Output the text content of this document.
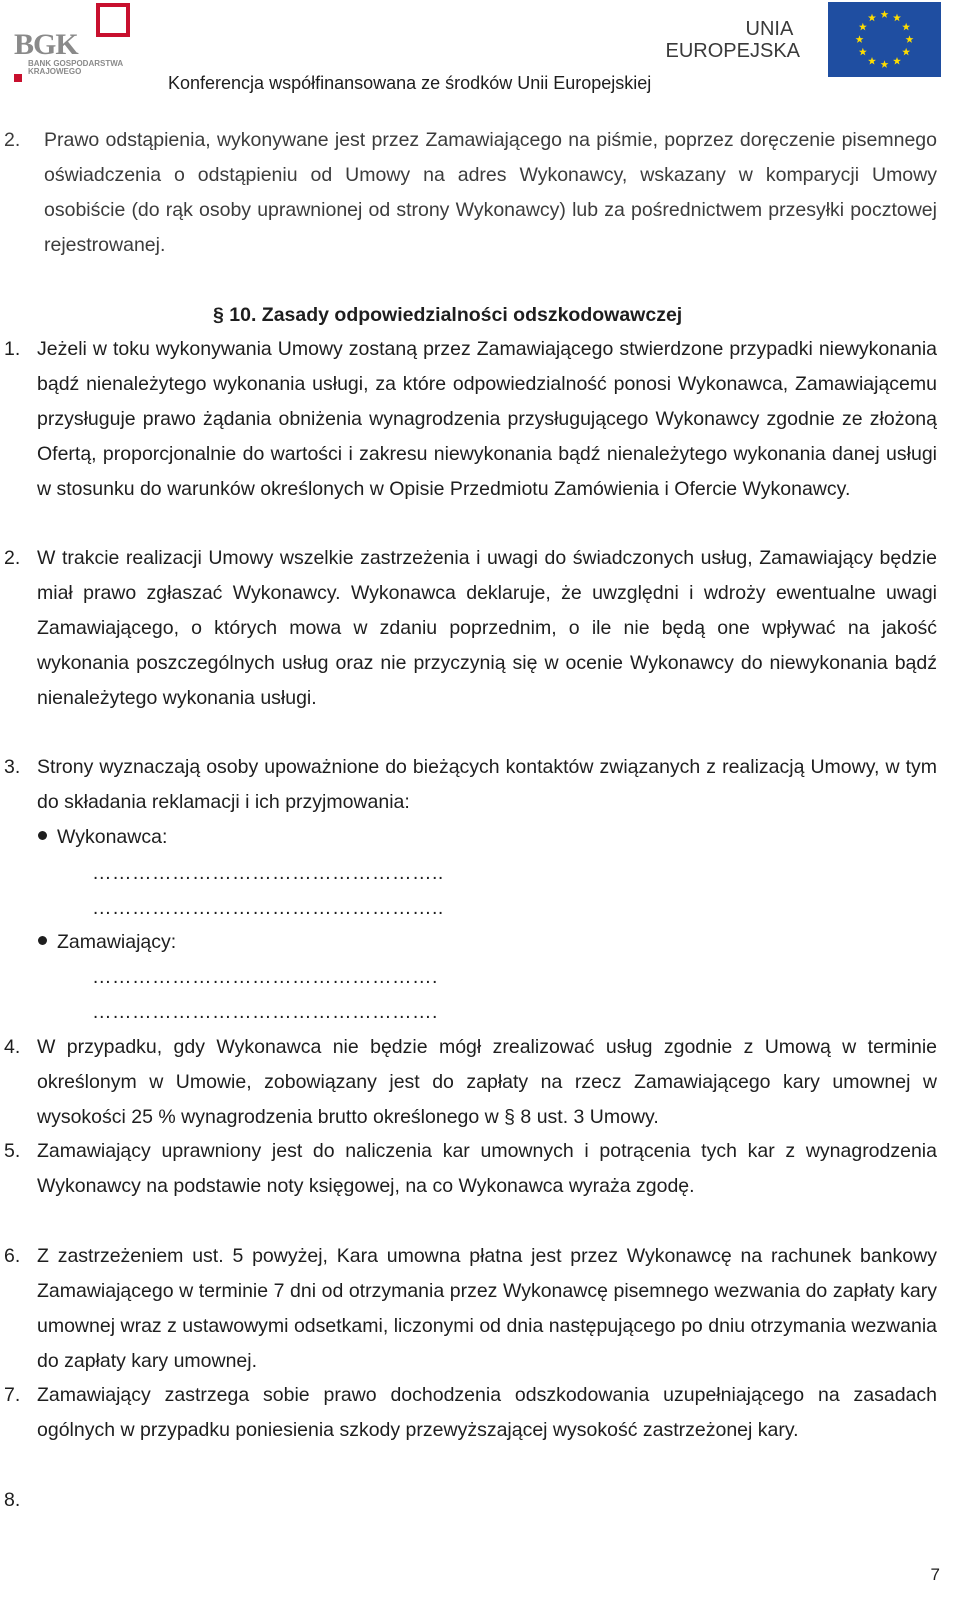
BGK
BANK GOSPODARSTWA KRAJOWEGO
UNIA
EUROPEJSKA
Konferencja współfinansowana ze środków Unii Europejskiej
2. Prawo odstąpienia, wykonywane jest przez Zamawiającego na piśmie, poprzez doręczenie pisemnego oświadczenia o odstąpieniu od Umowy na adres Wykonawcy, wskazany w komparycji Umowy osobiście (do rąk osoby uprawnionej od strony Wykonawcy) lub za pośrednictwem przesyłki pocztowej rejestrowanej.
§ 10. Zasady odpowiedzialności odszkodowawczej
1. Jeżeli w toku wykonywania Umowy zostaną przez Zamawiającego stwierdzone przypadki niewykonania bądź nienależytego wykonania usługi, za które odpowiedzialność ponosi Wykonawca, Zamawiającemu przysługuje prawo żądania obniżenia wynagrodzenia przysługującego Wykonawcy zgodnie ze złożoną Ofertą, proporcjonalnie do wartości i zakresu niewykonania bądź nienależytego wykonania danej usługi w stosunku do warunków określonych w Opisie Przedmiotu Zamówienia i Ofercie Wykonawcy.
2. W trakcie realizacji Umowy wszelkie zastrzeżenia i uwagi do świadczonych usług, Zamawiający będzie miał prawo zgłaszać Wykonawcy. Wykonawca deklaruje, że uwzględni i wdroży ewentualne uwagi Zamawiającego, o których mowa w zdaniu poprzednim, o ile nie będą one wpływać na jakość wykonania poszczególnych usług oraz nie przyczynią się w ocenie Wykonawcy do niewykonania bądź nienależytego wykonania usługi.
3. Strony wyznaczają osoby upoważnione do bieżących kontaktów związanych z realizacją Umowy, w tym do składania reklamacji i ich przyjmowania:
Wykonawca:
……………………………………………..
……………………………………………..
Zamawiający:
…………………………………………….
…………………………………………….
4. W przypadku, gdy Wykonawca nie będzie mógł zrealizować usług zgodnie z Umową w terminie określonym w Umowie, zobowiązany jest do zapłaty na rzecz Zamawiającego kary umownej w wysokości 25 % wynagrodzenia brutto określonego w § 8 ust. 3 Umowy.
5. Zamawiający uprawniony jest do naliczenia kar umownych i potrącenia tych kar z wynagrodzenia Wykonawcy na podstawie noty księgowej, na co Wykonawca wyraża zgodę.
6. Z zastrzeżeniem ust. 5 powyżej, Kara umowna płatna jest przez Wykonawcę na rachunek bankowy Zamawiającego w terminie 7 dni od otrzymania przez Wykonawcę pisemnego wezwania do zapłaty kary umownej wraz z ustawowymi odsetkami, liczonymi od dnia następującego po dniu otrzymania wezwania do zapłaty kary umownej.
7. Zamawiający zastrzega sobie prawo dochodzenia odszkodowania uzupełniającego na zasadach ogólnych w przypadku poniesienia szkody przewyższającej wysokość zastrzeżonej kary.
8.
7
